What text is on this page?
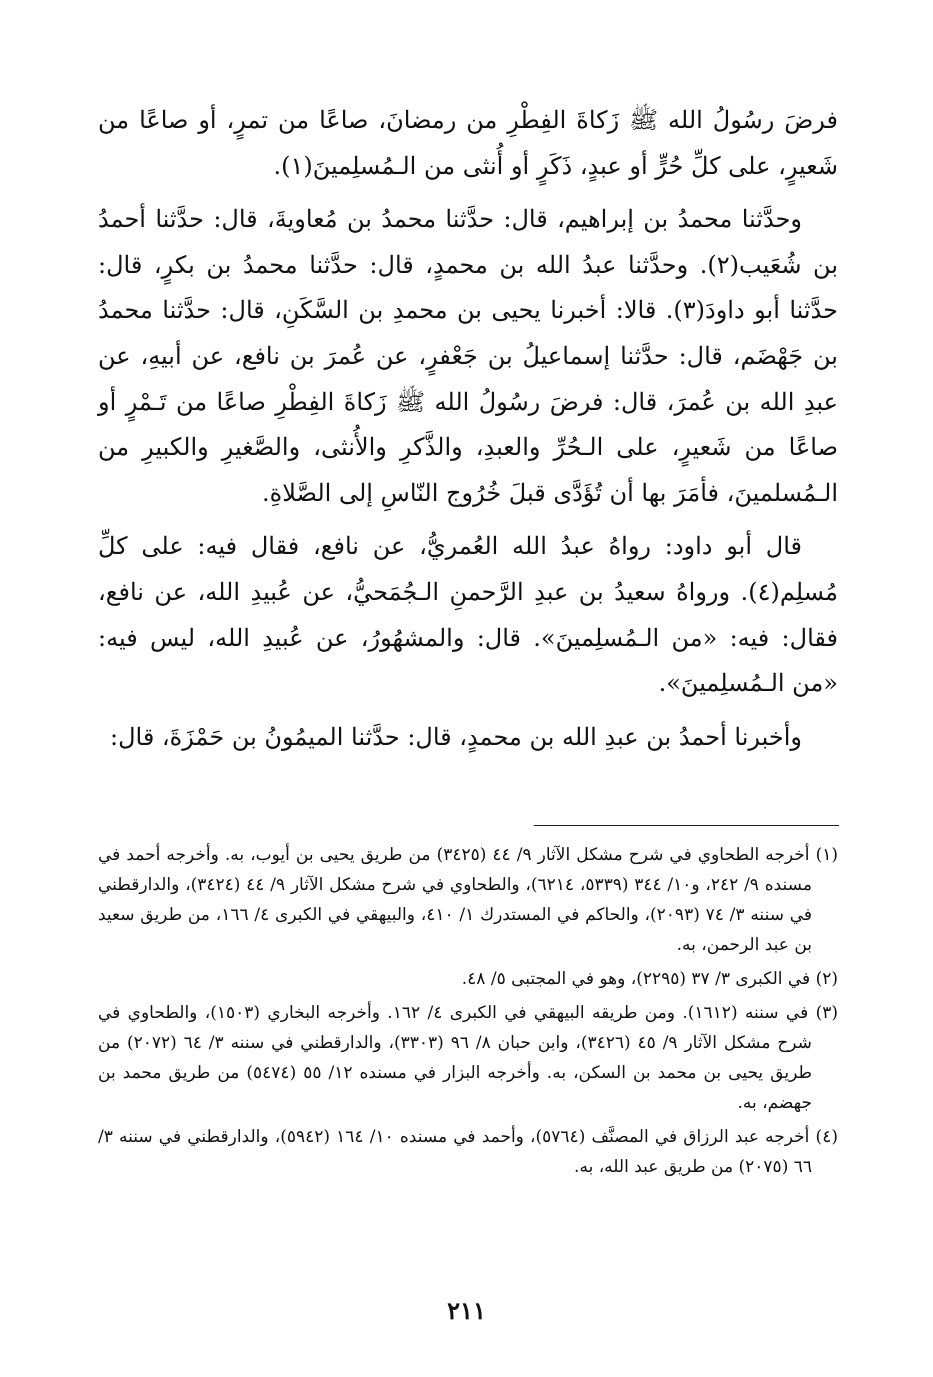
فرضَ رسُولُ الله ﷺ زَكاةَ الفِطْرِ من رمضانَ، صاعًا من تمرٍ، أو صاعًا من شَعيرٍ، على كلِّ حُرٍّ أو عبدٍ، ذَكَرٍ أو أُنثى من الـمُسلِمينَ(١).

وحدَّثنا محمدُ بن إبراهيم، قال: حدَّثنا محمدُ بن مُعاويةَ، قال: حدَّثنا أحمدُ بن شُعَيب(٢). وحدَّثنا عبدُ الله بن محمدٍ، قال: حدَّثنا محمدُ بن بكرٍ، قال: حدَّثنا أبو داودَ(٣). قالا: أخبرنا يحيى بن محمدِ بن السَّكَنِ، قال: حدَّثنا محمدُ بن جَهْضَم، قال: حدَّثنا إسماعيلُ بن جَعْفرٍ، عن عُمرَ بن نافع، عن أبيهِ، عن عبدِ الله بن عُمرَ، قال: فرضَ رسُولُ الله ﷺ زَكاةَ الفِطْرِ صاعًا من تَـمْرٍ أو صاعًا من شَعيرٍ، على الـحُرِّ والعبدِ، والذَّكرِ والأُنثى، والصَّغيرِ والكبيرِ من الـمُسلمينَ، فأمَرَ بها أن تُؤَدَّى قبلَ خُرُوج النّاسِ إلى الصَّلاةِ.

قال أبو داود: رواهُ عبدُ الله العُمريُّ، عن نافع، فقال فيه: على كلِّ مُسلِم(٤). ورواهُ سعيدُ بن عبدِ الرَّحمنِ الـجُمَحيُّ، عن عُبيدِ الله، عن نافع، فقال: فيه: «من الـمُسلِمينَ». قال: والمشهُورُ، عن عُبيدِ الله، ليس فيه: «من الـمُسلِمينَ».

وأخبرنا أحمدُ بن عبدِ الله بن محمدٍ، قال: حدَّثنا الميمُونُ بن حَمْزَةَ، قال:

(١) أخرجه الطحاوي في شرح مشكل الآثار ٩/ ٤٤ (٣٤٢٥) من طريق يحيى بن أيوب، به. وأخرجه أحمد في مسنده ٩/ ٢٤٢، و١٠/ ٣٤٤ (٥٣٣٩، ٦٢١٤)، والطحاوي في شرح مشكل الآثار ٩/ ٤٤ (٣٤٢٤)، والدارقطني في سننه ٣/ ٧٤ (٢٠٩٣)، والحاكم في المستدرك ١/ ٤١٠، والبيهقي في الكبرى ٤/ ١٦٦، من طريق سعيد بن عبد الرحمن، به.

(٢) في الكبرى ٣/ ٣٧ (٢٢٩٥)، وهو في المجتبى ٥/ ٤٨.

(٣) في سننه (١٦١٢). ومن طريقه البيهقي في الكبرى ٤/ ١٦٢. وأخرجه البخاري (١٥٠٣)، والطحاوي في شرح مشكل الآثار ٩/ ٤٥ (٣٤٢٦)، وابن حبان ٨/ ٩٦ (٣٣٠٣)، والدارقطني في سننه ٣/ ٦٤ (٢٠٧٢) من طريق يحيى بن محمد بن السكن، به. وأخرجه البزار في مسنده ١٢/ ٥٥ (٥٤٧٤) من طريق محمد بن جهضم، به.

(٤) أخرجه عبد الرزاق في المصنَّف (٥٧٦٤)، وأحمد في مسنده ١٠/ ١٦٤ (٥٩٤٢)، والدارقطني في سننه ٣/ ٦٦ (٢٠٧٥) من طريق عبد الله، به.

٢١١
